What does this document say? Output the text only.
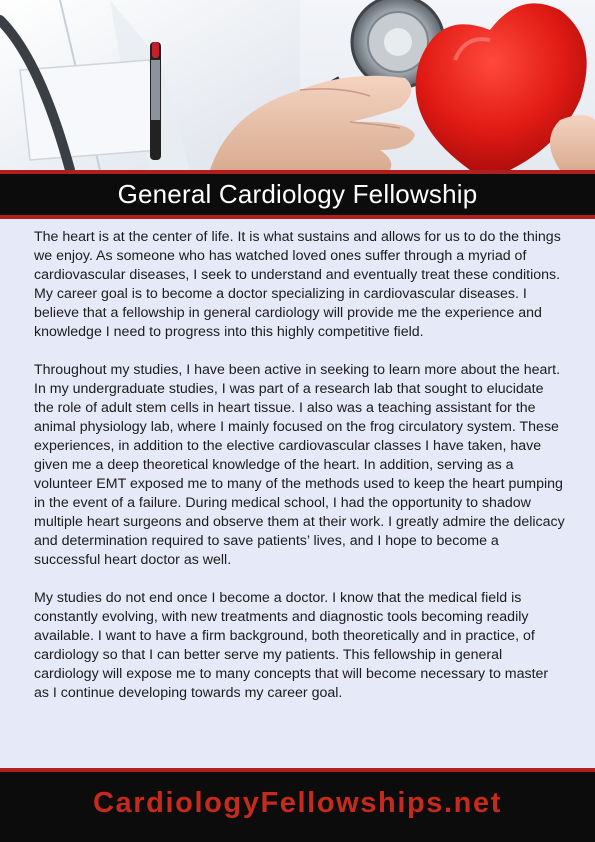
General Cardiology Fellowship

The heart is at the center of life. It is what sustains and allows for us to do the things we enjoy. As someone who has watched loved ones suffer through a myriad of cardiovascular diseases, I seek to understand and eventually treat these conditions. My career goal is to become a doctor specializing in cardiovascular diseases. I believe that a fellowship in general cardiology will provide me the experience and knowledge I need to progress into this highly competitive field.

Throughout my studies, I have been active in seeking to learn more about the heart. In my undergraduate studies, I was part of a research lab that sought to elucidate the role of adult stem cells in heart tissue. I also was a teaching assistant for the animal physiology lab, where I mainly focused on the frog circulatory system. These experiences, in addition to the elective cardiovascular classes I have taken, have given me a deep theoretical knowledge of the heart. In addition, serving as a volunteer EMT exposed me to many of the methods used to keep the heart pumping in the event of a failure. During medical school, I had the opportunity to shadow multiple heart surgeons and observe them at their work. I greatly admire the delicacy and determination required to save patients’ lives, and I hope to become a successful heart doctor as well.

My studies do not end once I become a doctor. I know that the medical field is constantly evolving, with new treatments and diagnostic tools becoming readily available. I want to have a firm background, both theoretically and in practice, of cardiology so that I can better serve my patients. This fellowship in general cardiology will expose me to many concepts that will become necessary to master as I continue developing towards my career goal.

CardiologyFellowships.net
